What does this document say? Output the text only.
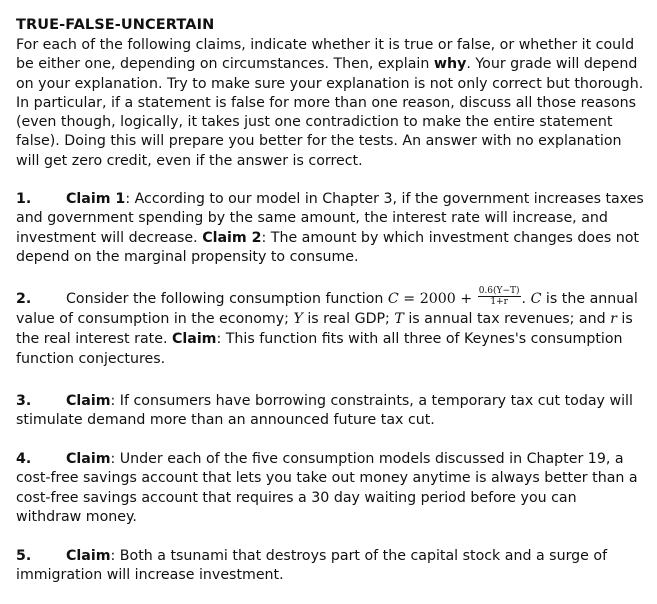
TRUE-FALSE-UNCERTAIN
For each of the following claims, indicate whether it is true or false, or whether it could be either one, depending on circumstances. Then, explain why. Your grade will depend on your explanation. Try to make sure your explanation is not only correct but thorough. In particular, if a statement is false for more than one reason, discuss all those reasons (even though, logically, it takes just one contradiction to make the entire statement false). Doing this will prepare you better for the tests. An answer with no explanation will get zero credit, even if the answer is correct.
1. Claim 1: According to our model in Chapter 3, if the government increases taxes and government spending by the same amount, the interest rate will increase, and investment will decrease. Claim 2: The amount by which investment changes does not depend on the marginal propensity to consume.
2. Consider the following consumption function $C = 2000 + \frac{0.6(Y-T)}{1+r}$ . C is the annual value of consumption in the economy; Y is real GDP; T is annual tax revenues; and r is the real interest rate. Claim: This function fits with all three of Keynes's consumption function conjectures.
3. Claim: If consumers have borrowing constraints, a temporary tax cut today will stimulate demand more than an announced future tax cut.
4. Claim: Under each of the five consumption models discussed in Chapter 19, a cost-free savings account that lets you take out money anytime is always better than a cost-free savings account that requires a 30 day waiting period before you can withdraw money.
5. Claim: Both a tsunami that destroys part of the capital stock and a surge of immigration will increase investment.
